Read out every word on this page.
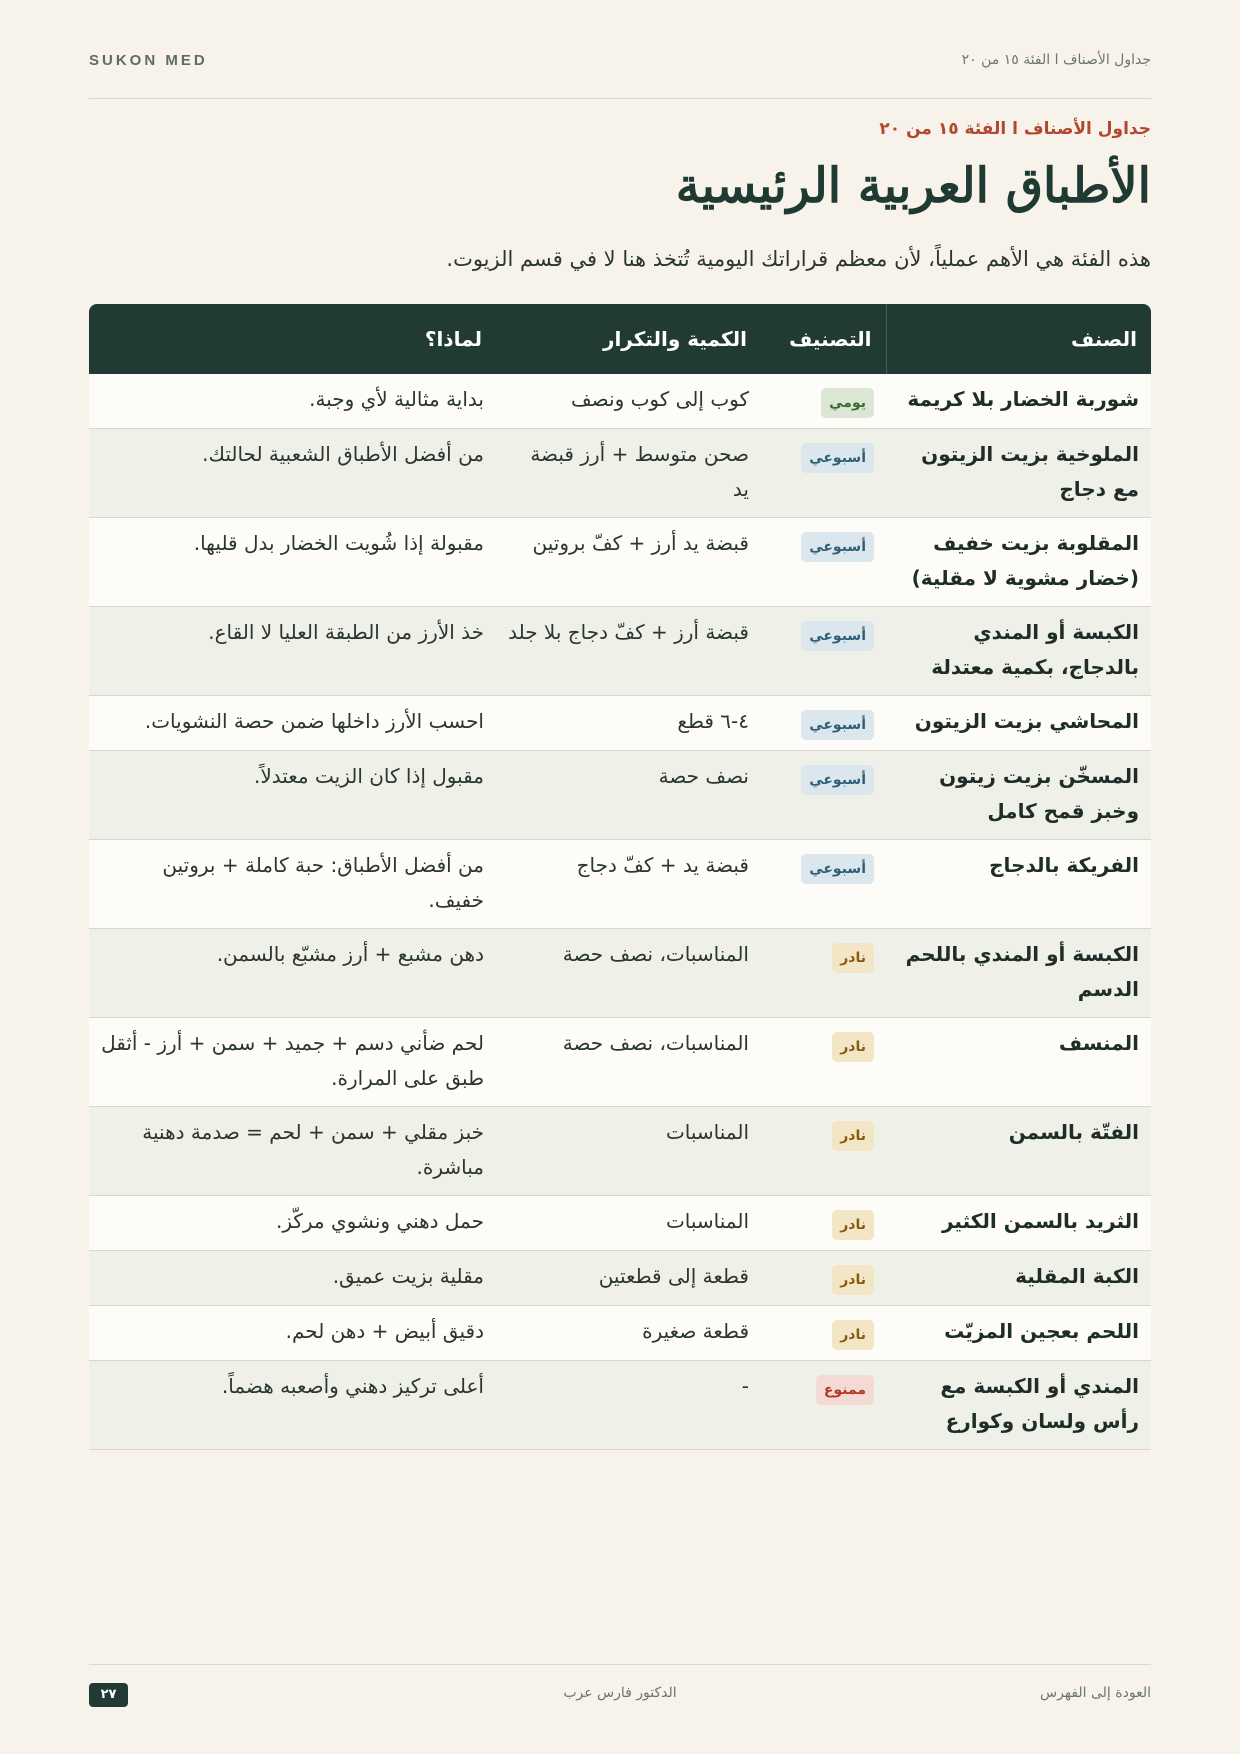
SUKON MED	جداول الأصناف ا الفئة ١٥ من ٢٠
جداول الأصناف ا الفئة ١٥ من ٢٠
الأطباق العربية الرئيسية
هذه الفئة هي الأهم عملياً، لأن معظم قراراتك اليومية تُتخذ هنا لا في قسم الزيوت.
الصنف	التصنيف	الكمية والتكرار	لماذا؟
شوربة الخضار بلا كريمة	يومي	كوب إلى كوب ونصف	بداية مثالية لأي وجبة.
الملوخية بزيت الزيتون مع دجاج	أسبوعي	صحن متوسط + أرز قبضة يد	من أفضل الأطباق الشعبية لحالتك.
المقلوبة بزيت خفيف (خضار مشوية لا مقلية)	أسبوعي	قبضة يد أرز + كفّ بروتين	مقبولة إذا شُويت الخضار بدل قليها.
الكبسة أو المندي بالدجاج، بكمية معتدلة	أسبوعي	قبضة أرز + كفّ دجاج بلا جلد	خذ الأرز من الطبقة العليا لا القاع.
المحاشي بزيت الزيتون	أسبوعي	٤-٦ قطع	احسب الأرز داخلها ضمن حصة النشويات.
المسخّن بزيت زيتون وخبز قمح كامل	أسبوعي	نصف حصة	مقبول إذا كان الزيت معتدلاً.
الفريكة بالدجاج	أسبوعي	قبضة يد + كفّ دجاج	من أفضل الأطباق: حبة كاملة + بروتين خفيف.
الكبسة أو المندي باللحم الدسم	نادر	المناسبات، نصف حصة	دهن مشبع + أرز مشبّع بالسمن.
المنسف	نادر	المناسبات، نصف حصة	لحم ضأني دسم + جميد + سمن + أرز - أثقل طبق على المرارة.
الفتّة بالسمن	نادر	المناسبات	خبز مقلي + سمن + لحم = صدمة دهنية مباشرة.
الثريد بالسمن الكثير	نادر	المناسبات	حمل دهني ونشوي مركّز.
الكبة المقلية	نادر	قطعة إلى قطعتين	مقلية بزيت عميق.
اللحم بعجين المزيّت	نادر	قطعة صغيرة	دقيق أبيض + دهن لحم.
المندي أو الكبسة مع رأس ولسان وكوارع	ممنوع	-	أعلى تركيز دهني وأصعبه هضماً.
٢٧	الدكتور فارس عرب	العودة إلى الفهرس
